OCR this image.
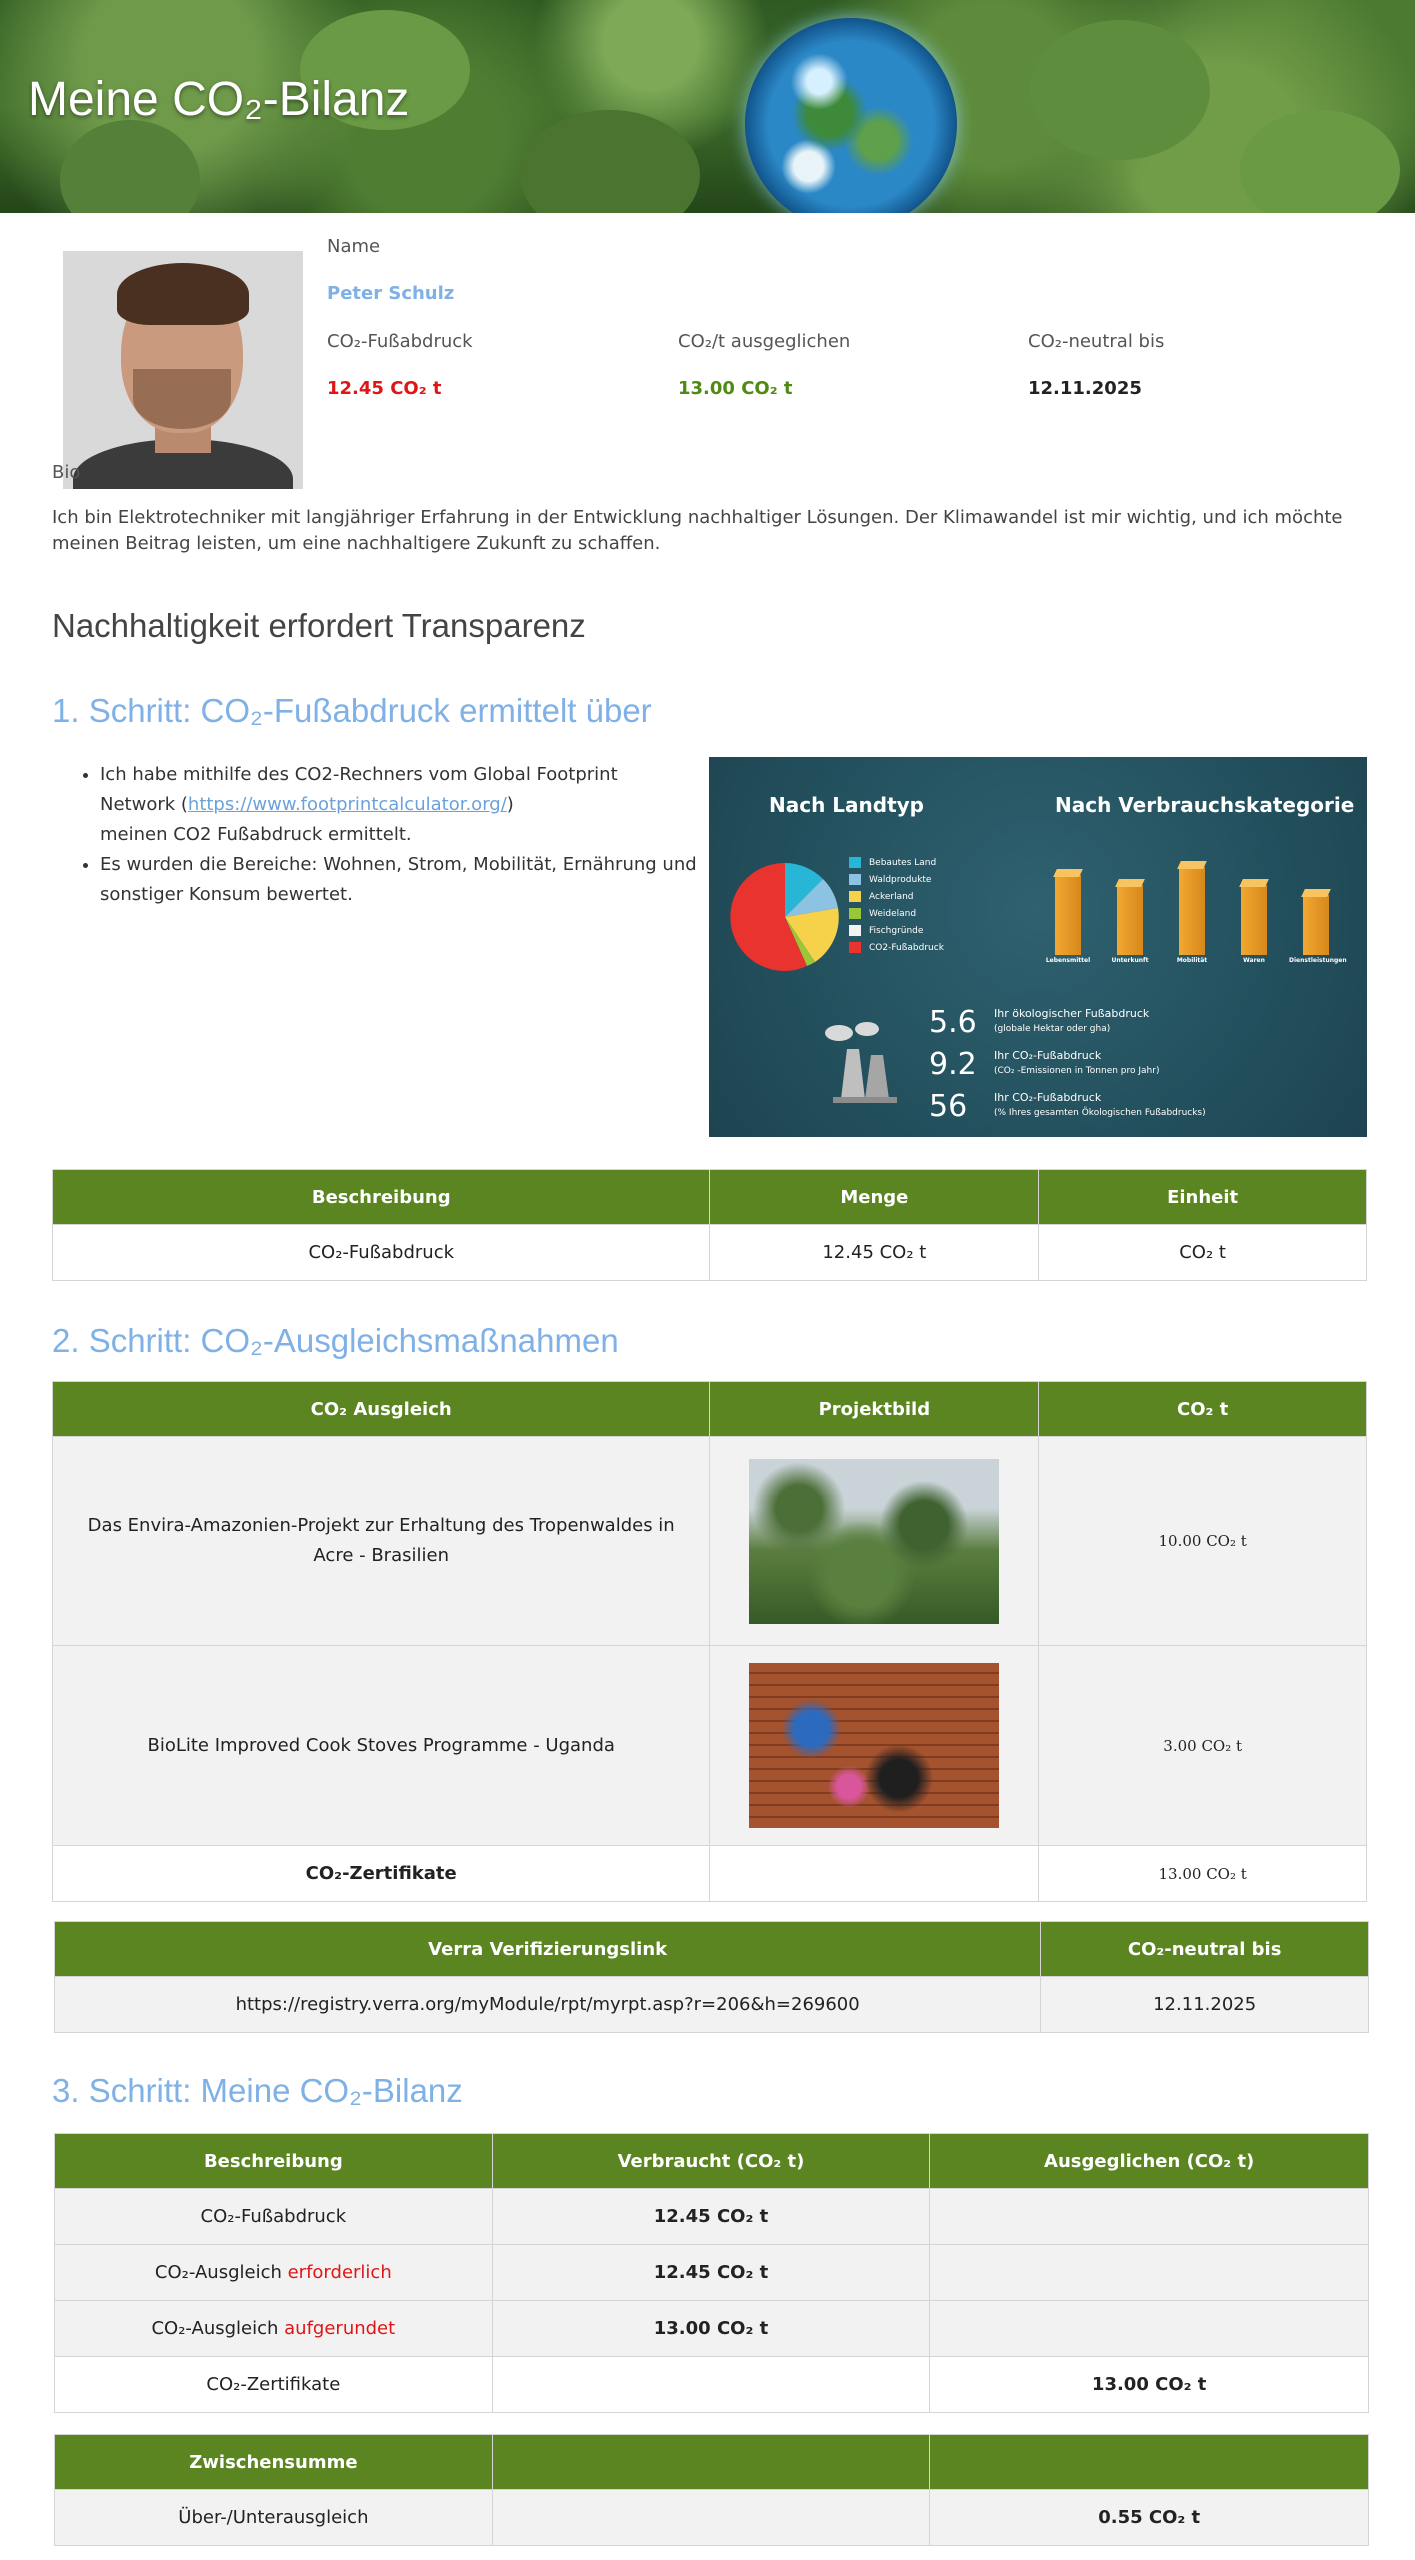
Meine CO₂-Bilanz
Name
Peter Schulz
CO₂-Fußabdruck
12.45 CO₂ t
CO₂/t ausgeglichen
13.00 CO₂ t
CO₂-neutral bis
12.11.2025
Bio
Ich bin Elektrotechniker mit langjähriger Erfahrung in der Entwicklung nachhaltiger Lösungen. Der Klimawandel ist mir wichtig, und ich möchte meinen Beitrag leisten, um eine nachhaltigere Zukunft zu schaffen.
Nachhaltigkeit erfordert Transparenz
1. Schritt: CO₂-Fußabdruck ermittelt über
• Ich habe mithilfe des CO2-Rechners vom Global Footprint Network (https://www.footprintcalculator.org/)
meinen CO2 Fußabdruck ermittelt.
• Es wurden die Bereiche: Wohnen, Strom, Mobilität, Ernährung und sonstiger Konsum bewertet.
Nach Landtyp	Nach Verbrauchskategorie
Bebautes Land
Waldprodukte
Ackerland
Weideland
Fischgründe
CO2-Fußabdruck
Lebensmittel	Unterkunft	Mobilität	Waren	Dienstleistungen
5.6 Ihr ökologischer Fußabdruck
(globale Hektar oder gha)
9.2 Ihr CO₂-Fußabdruck
(CO₂ -Emissionen in Tonnen pro Jahr)
56 Ihr CO₂-Fußabdruck
(% Ihres gesamten Ökologischen Fußabdrucks)
Beschreibung	Menge	Einheit
CO₂-Fußabdruck	12.45 CO₂ t	CO₂ t
2. Schritt: CO₂-Ausgleichsmaßnahmen
CO₂ Ausgleich	Projektbild	CO₂ t
Das Envira-Amazonien-Projekt zur Erhaltung des Tropenwaldes in Acre - Brasilien		10.00 CO₂ t
BioLite Improved Cook Stoves Programme - Uganda		3.00 CO₂ t
CO₂-Zertifikate		13.00 CO₂ t
Verra Verifizierungslink	CO₂-neutral bis
https://registry.verra.org/myModule/rpt/myrpt.asp?r=206&h=269600	12.11.2025
3. Schritt: Meine CO₂-Bilanz
Beschreibung	Verbraucht (CO₂ t)	Ausgeglichen (CO₂ t)
CO₂-Fußabdruck	12.45 CO₂ t	
CO₂-Ausgleich erforderlich	12.45 CO₂ t	
CO₂-Ausgleich aufgerundet	13.00 CO₂ t	
CO₂-Zertifikate		13.00 CO₂ t
Zwischensumme		
Über-/Unterausgleich		0.55 CO₂ t
